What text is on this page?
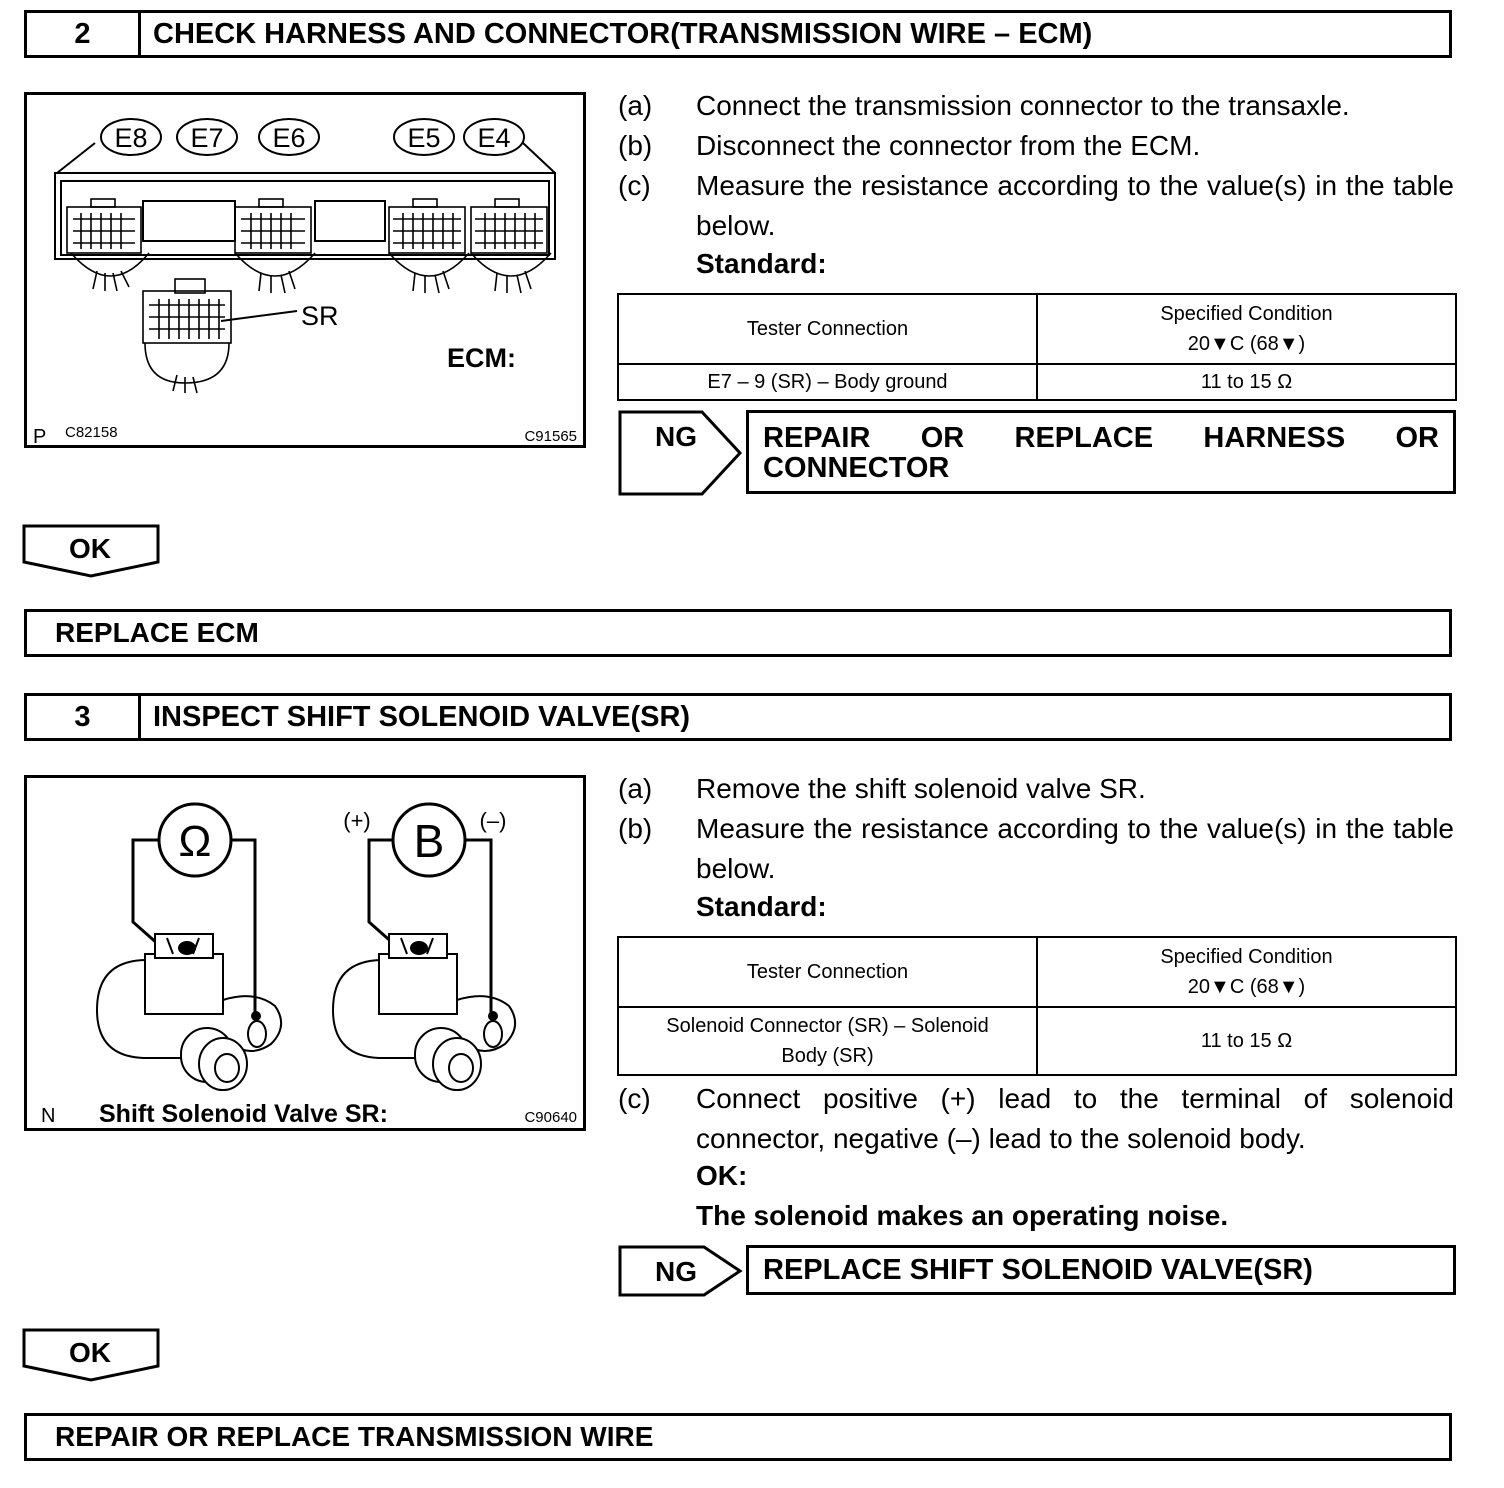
2	CHECK HARNESS AND CONNECTOR(TRANSMISSION WIRE – ECM)
E8 E7 E6	E5 E4
SR
ECM:
P C82158	C91565
(a) Connect the transmission connector to the transaxle.
(b) Disconnect the connector from the ECM.
(c) Measure the resistance according to the value(s) in the table below.
Standard:
Tester Connection	Specified Condition
20▼C (68▼)

E7 – 9 (SR) – Body ground	11 to 15 Ω
NG	REPAIR OR REPLACE HARNESS OR CONNECTOR
OK
REPLACE ECM
3	INSPECT SHIFT SOLENOID VALVE(SR)
Ω	B
(+)	(–)
N Shift Solenoid Valve SR:	C90640
(a) Remove the shift solenoid valve SR.
(b) Measure the resistance according to the value(s) in the table below.
Standard:
Tester Connection	Specified Condition
20▼C (68▼)

Solenoid Connector (SR) – Solenoid Body (SR)	11 to 15 Ω
(c) Connect positive (+) lead to the terminal of solenoid connector, negative (–) lead to the solenoid body.
OK:
The solenoid makes an operating noise.
NG	REPLACE SHIFT SOLENOID VALVE(SR)
OK
REPAIR OR REPLACE TRANSMISSION WIRE
